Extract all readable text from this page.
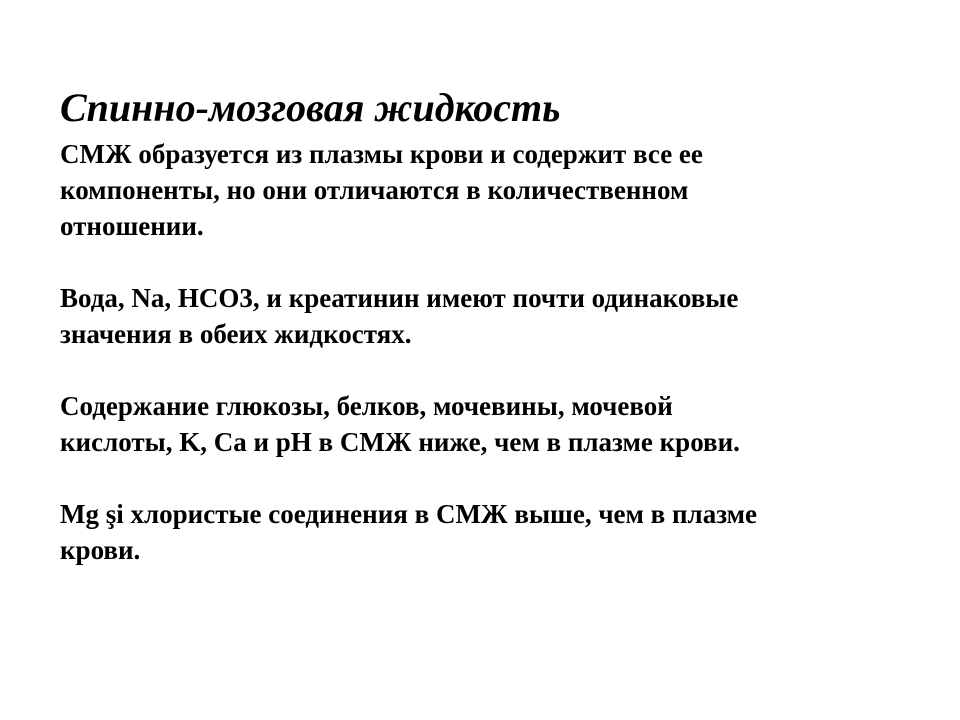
Спинно-мозговая жидкость

СМЖ образуется из плазмы крови и содержит все ее
компоненты, но они отличаются в количественном
отношении.

Вода, Na, HCO3, и креатинин имеют почти одинаковые
значения в обеих жидкостях.

Содержание глюкозы, белков, мочевины, мочевой
кислоты, K, Ca и pH в СМЖ ниже, чем в плазме крови.

Mg şi хлористые соединения в СМЖ выше, чем в плазме
крови.
